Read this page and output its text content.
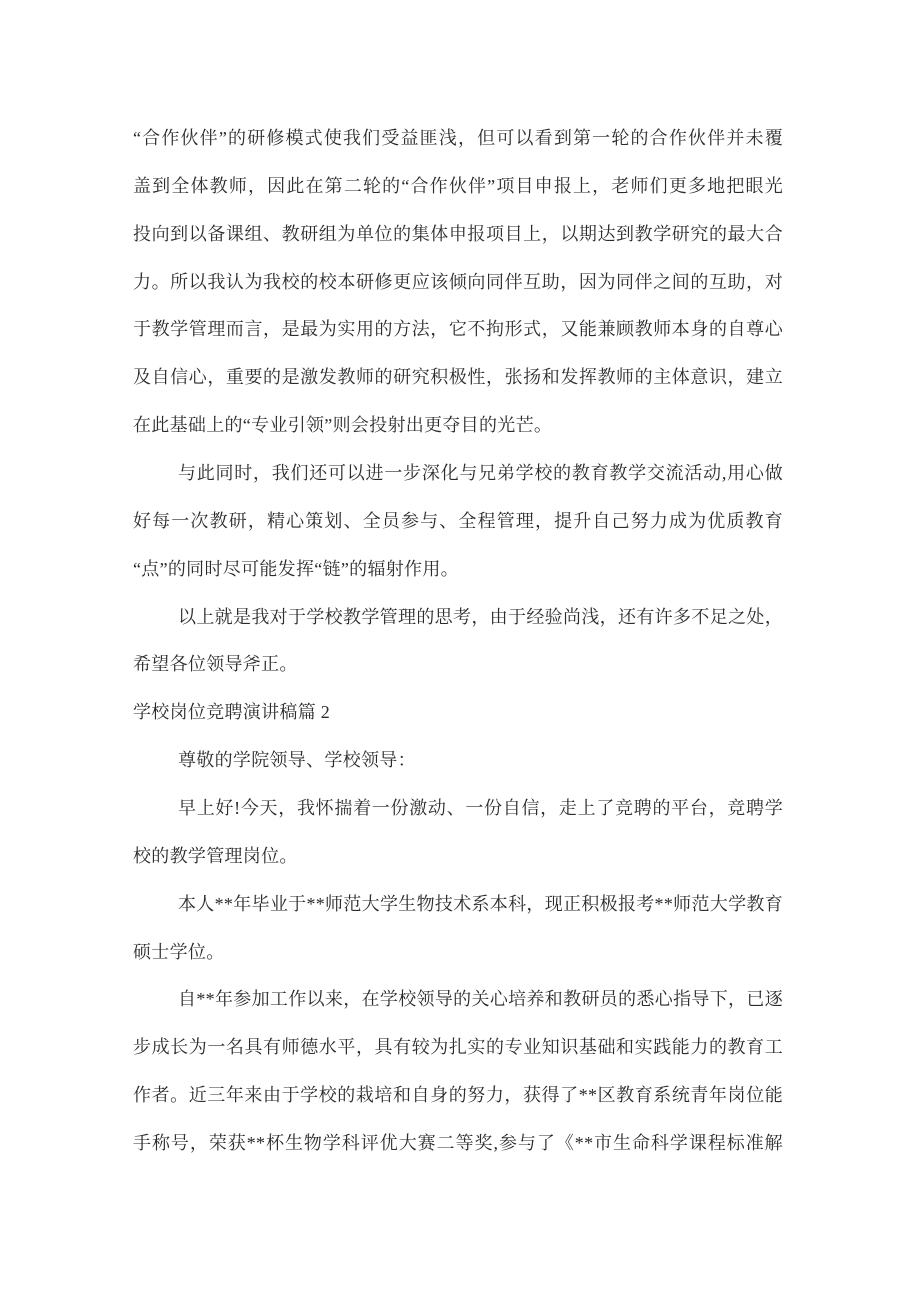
“合作伙伴”的研修模式使我们受益匪浅，但可以看到第一轮的合作伙伴并未覆
盖到全体教师，因此在第二轮的“合作伙伴”项目申报上，老师们更多地把眼光
投向到以备课组、教研组为单位的集体申报项目上，以期达到教学研究的最大合
力。所以我认为我校的校本研修更应该倾向同伴互助，因为同伴之间的互助，对
于教学管理而言，是最为实用的方法，它不拘形式，又能兼顾教师本身的自尊心
及自信心，重要的是激发教师的研究积极性，张扬和发挥教师的主体意识，建立
在此基础上的“专业引领”则会投射出更夺目的光芒。
与此同时，我们还可以进一步深化与兄弟学校的教育教学交流活动,用心做
好每一次教研，精心策划、全员参与、全程管理，提升自己努力成为优质教育
“点”的同时尽可能发挥“链”的辐射作用。
以上就是我对于学校教学管理的思考，由于经验尚浅，还有许多不足之处，
希望各位领导斧正。
学校岗位竞聘演讲稿篇 2
尊敬的学院领导、学校领导：
早上好!今天，我怀揣着一份激动、一份自信，走上了竞聘的平台，竞聘学
校的教学管理岗位。
本人**年毕业于**师范大学生物技术系本科，现正积极报考**师范大学教育
硕士学位。
自**年参加工作以来，在学校领导的关心培养和教研员的悉心指导下，已逐
步成长为一名具有师德水平，具有较为扎实的专业知识基础和实践能力的教育工
作者。近三年来由于学校的栽培和自身的努力，获得了**区教育系统青年岗位能
手称号，荣获**杯生物学科评优大赛二等奖,参与了《**市生命科学课程标准解
